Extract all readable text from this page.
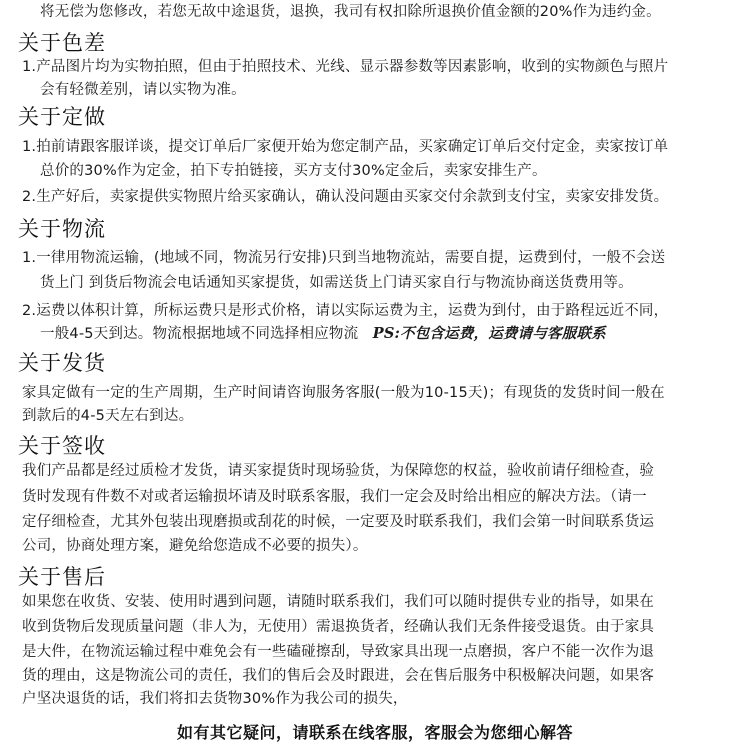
将无偿为您修改，若您无故中途退货，退换，我司有权扣除所退换价值金额的20%作为违约金。
关于色差
1.产品图片均为实物拍照，但由于拍照技术、光线、显示器参数等因素影响，收到的实物颜色与照片
会有轻微差别，请以实物为准。
关于定做
1.拍前请跟客服详谈，提交订单后厂家便开始为您定制产品，买家确定订单后交付定金，卖家按订单
总价的30%作为定金，拍下专拍链接，买方支付30%定金后，卖家安排生产。
2.生产好后，卖家提供实物照片给买家确认，确认没问题由买家交付余款到支付宝，卖家安排发货。
关于物流
1.一律用物流运输，(地域不同，物流另行安排)只到当地物流站，需要自提，运费到付，一般不会送
货上门 到货后物流会电话通知买家提货，如需送货上门请买家自行与物流协商送货费用等。
2.运费以体积计算，所标运费只是形式价格，请以实际运费为主，运费为到付，由于路程远近不同，
一般4-5天到达。物流根据地域不同选择相应物流 PS:不包含运费，运费请与客服联系
关于发货
家具定做有一定的生产周期，生产时间请咨询服务客服(一般为10-15天)；有现货的发货时间一般在
到款后的4-5天左右到达。
关于签收
我们产品都是经过质检才发货，请买家提货时现场验货，为保障您的权益，验收前请仔细检查，验
货时发现有件数不对或者运输损坏请及时联系客服，我们一定会及时给出相应的解决方法。（请一
定仔细检查，尤其外包装出现磨损或刮花的时候，一定要及时联系我们，我们会第一时间联系货运
公司，协商处理方案，避免给您造成不必要的损失）。
关于售后
如果您在收货、安装、使用时遇到问题，请随时联系我们，我们可以随时提供专业的指导，如果在
收到货物后发现质量问题（非人为，无使用）需退换货者，经确认我们无条件接受退货。由于家具
是大件，在物流运输过程中难免会有一些磕碰擦刮，导致家具出现一点磨损，客户不能一次作为退
货的理由，这是物流公司的责任，我们的售后会及时跟进，会在售后服务中积极解决问题，如果客
户坚决退货的话，我们将扣去货物30%作为我公司的损失，
如有其它疑问，请联系在线客服，客服会为您细心解答
